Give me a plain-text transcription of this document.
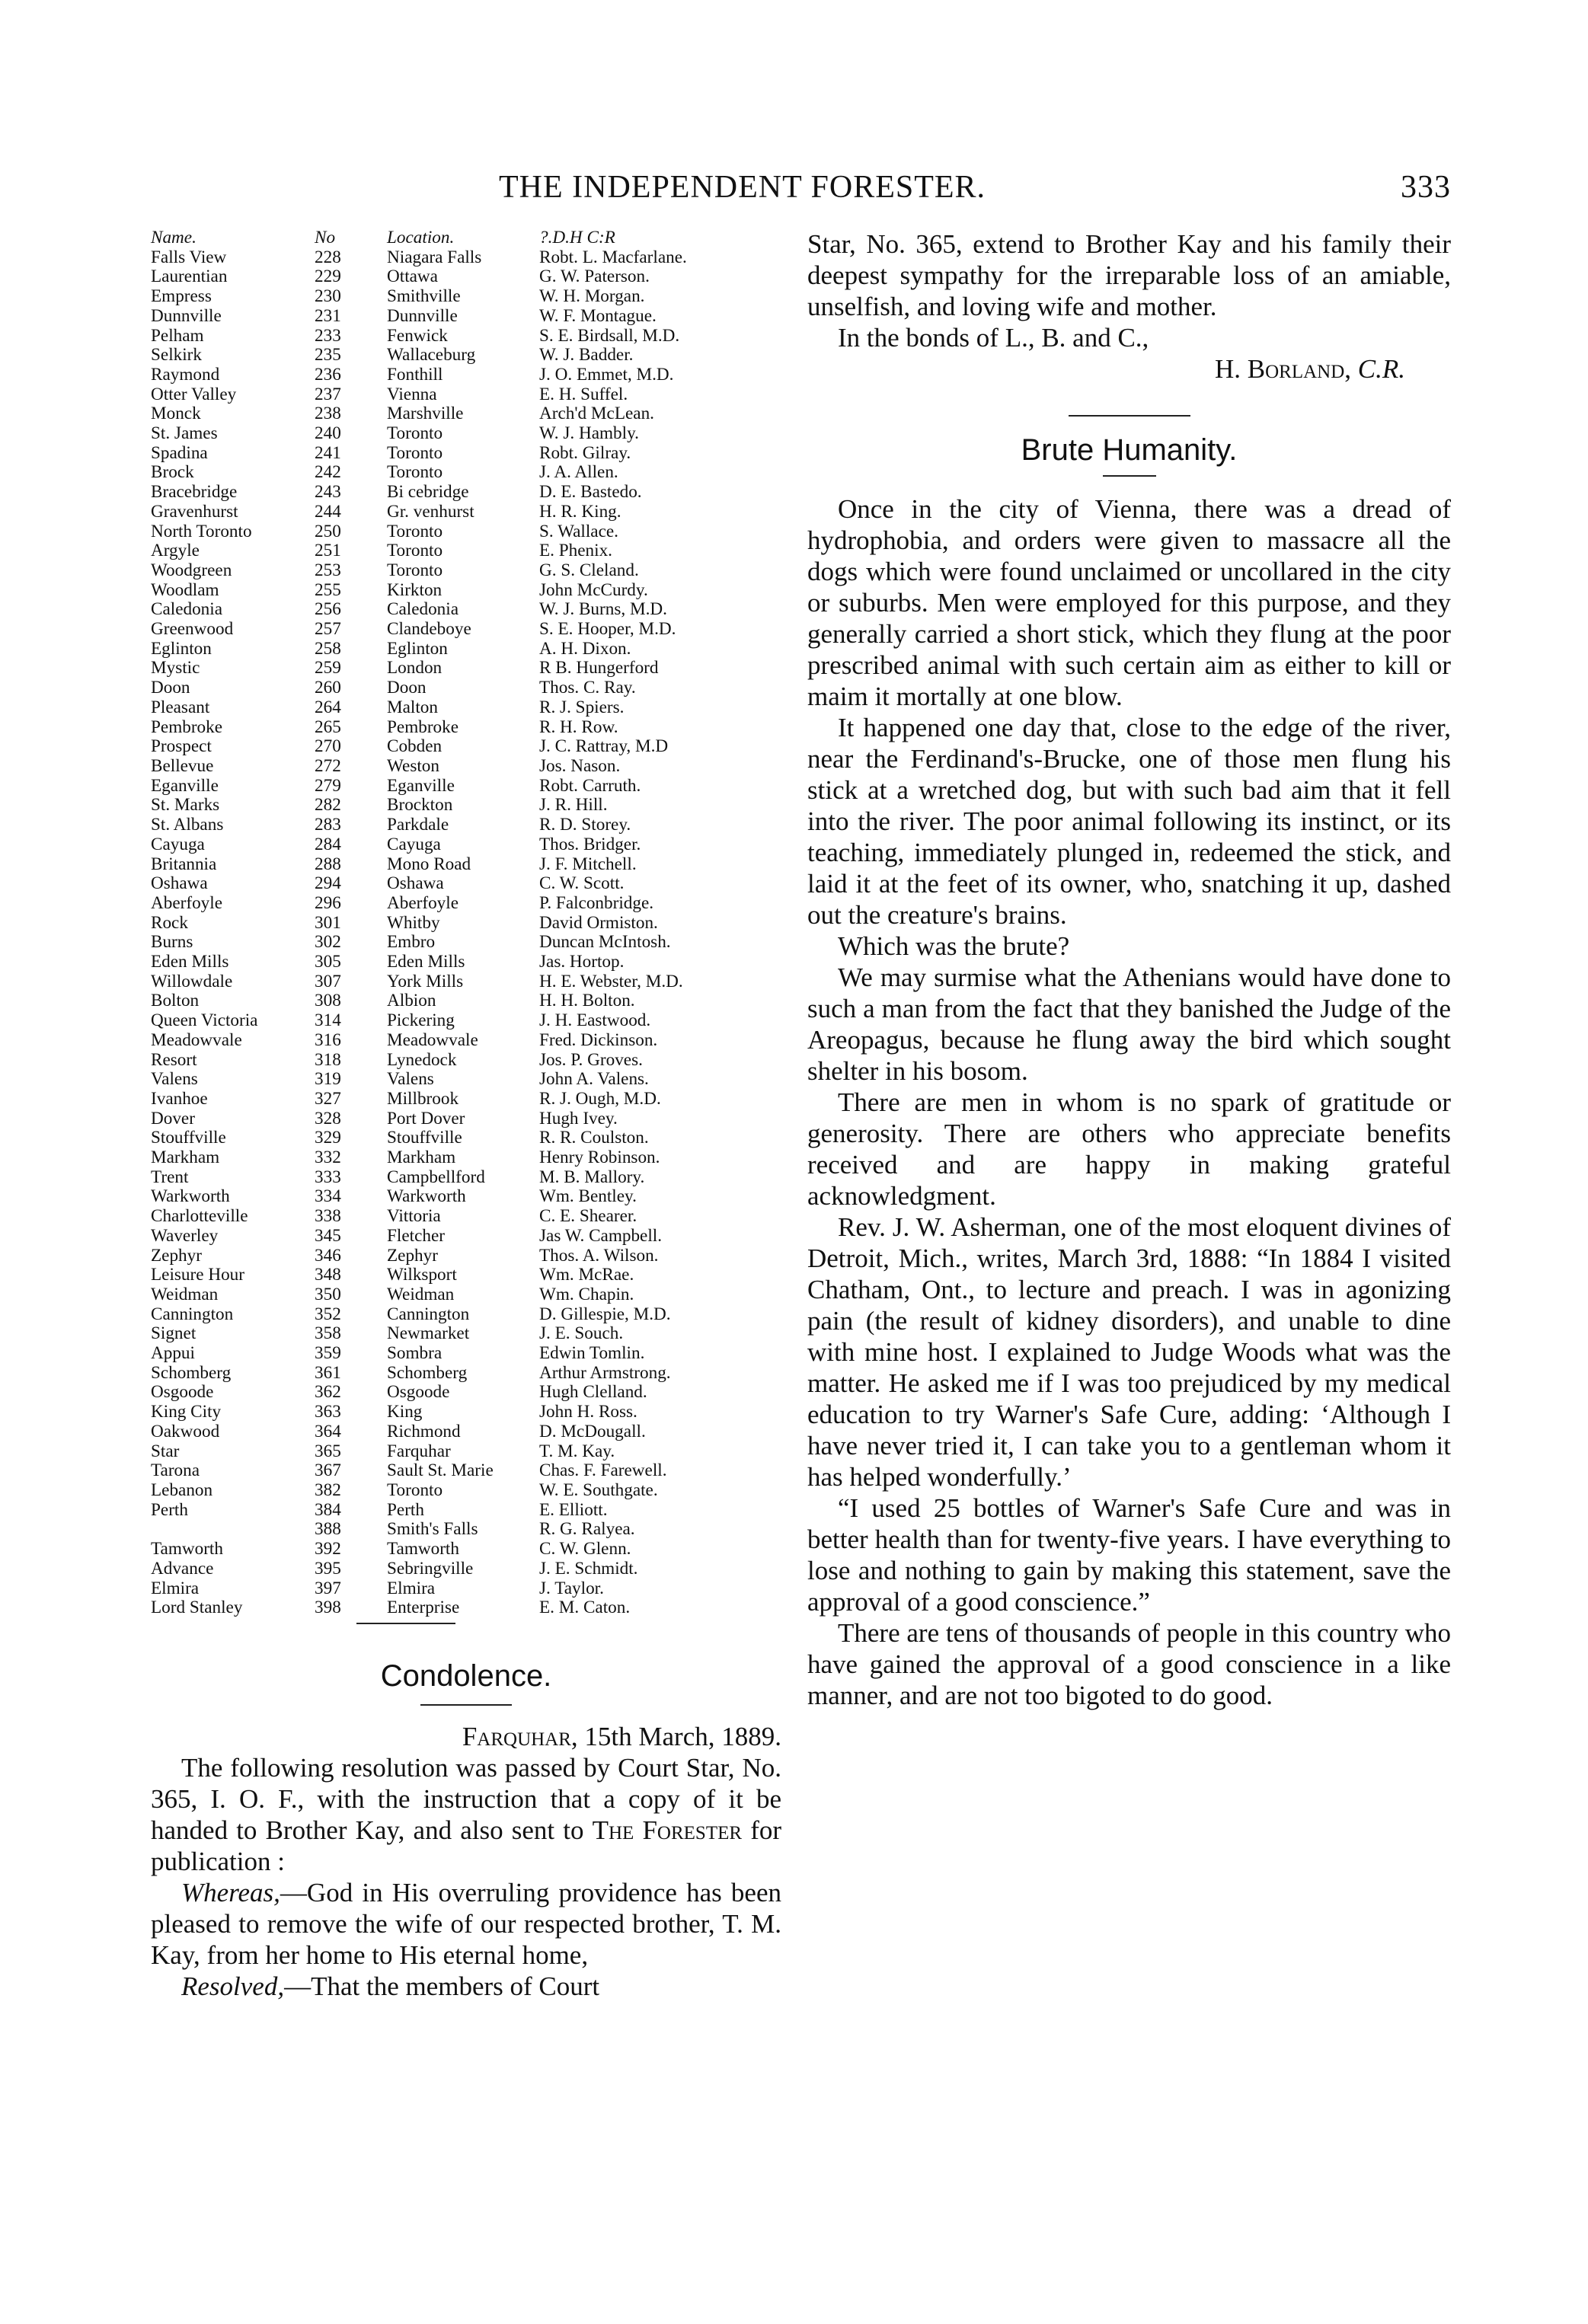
THE INDEPENDENT FORESTER.	333
Name.	No	Location.	?.D.H C:R
Falls View	228	Niagara Falls	Robt. L. Macfarlane.
Laurentian	229	Ottawa	G. W. Paterson.
Empress	230	Smithville	W. H. Morgan.
Dunnville	231	Dunnville	W. F. Montague.
Pelham	233	Fenwick	S. E. Birdsall, M.D.
Selkirk	235	Wallaceburg	W. J. Badder.
Raymond	236	Fonthill	J. O. Emmet, M.D.
Otter Valley	237	Vienna	E. H. Suffel.
Monck	238	Marshville	Arch'd McLean.
St. James	240	Toronto	W. J. Hambly.
Spadina	241	Toronto	Robt. Gilray.
Brock	242	Toronto	J. A. Allen.
Bracebridge	243	Bi cebridge	D. E. Bastedo.
Gravenhurst	244	Gr. venhurst	H. R. King.
North Toronto	250	Toronto	S. Wallace.
Argyle	251	Toronto	E. Phenix.
Woodgreen	253	Toronto	G. S. Cleland.
Woodlam	255	Kirkton	John McCurdy.
Caledonia	256	Caledonia	W. J. Burns, M.D.
Greenwood	257	Clandeboye	S. E. Hooper, M.D.
Eglinton	258	Eglinton	A. H. Dixon.
Mystic	259	London	R B. Hungerford
Doon	260	Doon	Thos. C. Ray.
Pleasant	264	Malton	R. J. Spiers.
Pembroke	265	Pembroke	R. H. Row.
Prospect	270	Cobden	J. C. Rattray, M.D
Bellevue	272	Weston	Jos. Nason.
Eganville	279	Eganville	Robt. Carruth.
St. Marks	282	Brockton	J. R. Hill.
St. Albans	283	Parkdale	R. D. Storey.
Cayuga	284	Cayuga	Thos. Bridger.
Britannia	288	Mono Road	J. F. Mitchell.
Oshawa	294	Oshawa	C. W. Scott.
Aberfoyle	296	Aberfoyle	P. Falconbridge.
Rock	301	Whitby	David Ormiston.
Burns	302	Embro	Duncan McIntosh.
Eden Mills	305	Eden Mills	Jas. Hortop.
Willowdale	307	York Mills	H. E. Webster, M.D.
Bolton	308	Albion	H. H. Bolton.
Queen Victoria	314	Pickering	J. H. Eastwood.
Meadowvale	316	Meadowvale	Fred. Dickinson.
Resort	318	Lynedock	Jos. P. Groves.
Valens	319	Valens	John A. Valens.
Ivanhoe	327	Millbrook	R. J. Ough, M.D.
Dover	328	Port Dover	Hugh Ivey.
Stouffville	329	Stouffville	R. R. Coulston.
Markham	332	Markham	Henry Robinson.
Trent	333	Campbellford	M. B. Mallory.
Warkworth	334	Warkworth	Wm. Bentley.
Charlotteville	338	Vittoria	C. E. Shearer.
Waverley	345	Fletcher	Jas W. Campbell.
Zephyr	346	Zephyr	Thos. A. Wilson.
Leisure Hour	348	Wilksport	Wm. McRae.
Weidman	350	Weidman	Wm. Chapin.
Cannington	352	Cannington	D. Gillespie, M.D.
Signet	358	Newmarket	J. E. Souch.
Appui	359	Sombra	Edwin Tomlin.
Schomberg	361	Schomberg	Arthur Armstrong.
Osgoode	362	Osgoode	Hugh Clelland.
King City	363	King	John H. Ross.
Oakwood	364	Richmond	D. McDougall.
Star	365	Farquhar	T. M. Kay.
Tarona	367	Sault St. Marie	Chas. F. Farewell.
Lebanon	382	Toronto	W. E. Southgate.
Perth	384	Perth	E. Elliott.
	388	Smith's Falls	R. G. Ralyea.
Tamworth	392	Tamworth	C. W. Glenn.
Advance	395	Sebringville	J. E. Schmidt.
Elmira	397	Elmira	J. Taylor.
Lord Stanley	398	Enterprise	E. M. Caton.
Condolence.
Farquhar, 15th March, 1889.

The following resolution was passed by Court Star, No. 365, I. O. F., with the instruction that a copy of it be handed to Brother Kay, and also sent to The Forester for publication :

Whereas,—God in His overruling providence has been pleased to remove the wife of our respected brother, T. M. Kay, from her home to His eternal home,

Resolved,—That the members of Court

Star, No. 365, extend to Brother Kay and his family their deepest sympathy for the irreparable loss of an amiable, unselfish, and loving wife and mother.

In the bonds of L., B. and C.,
H. Borland, C.R.
Brute Humanity.

Once in the city of Vienna, there was a dread of hydrophobia, and orders were given to massacre all the dogs which were found unclaimed or uncollared in the city or suburbs. Men were employed for this purpose, and they generally carried a short stick, which they flung at the poor prescribed animal with such certain aim as either to kill or maim it mortally at one blow.

It happened one day that, close to the edge of the river, near the Ferdinand's-Brucke, one of those men flung his stick at a wretched dog, but with such bad aim that it fell into the river. The poor animal following its instinct, or its teaching, immediately plunged in, redeemed the stick, and laid it at the feet of its owner, who, snatching it up, dashed out the creature's brains.

Which was the brute?

We may surmise what the Athenians would have done to such a man from the fact that they banished the Judge of the Areopagus, because he flung away the bird which sought shelter in his bosom.

There are men in whom is no spark of gratitude or generosity. There are others who appreciate benefits received and are happy in making grateful acknowledgment.

Rev. J. W. Asherman, one of the most eloquent divines of Detroit, Mich., writes, March 3rd, 1888: “In 1884 I visited Chatham, Ont., to lecture and preach. I was in agonizing pain (the result of kidney disorders), and unable to dine with mine host. I explained to Judge Woods what was the matter. He asked me if I was too prejudiced by my medical education to try Warner's Safe Cure, adding: ‘Although I have never tried it, I can take you to a gentleman whom it has helped wonderfully.’

“I used 25 bottles of Warner's Safe Cure and was in better health than for twenty-five years. I have everything to lose and nothing to gain by making this statement, save the approval of a good conscience.”

There are tens of thousands of people in this country who have gained the approval of a good conscience in a like manner, and are not too bigoted to do good.
